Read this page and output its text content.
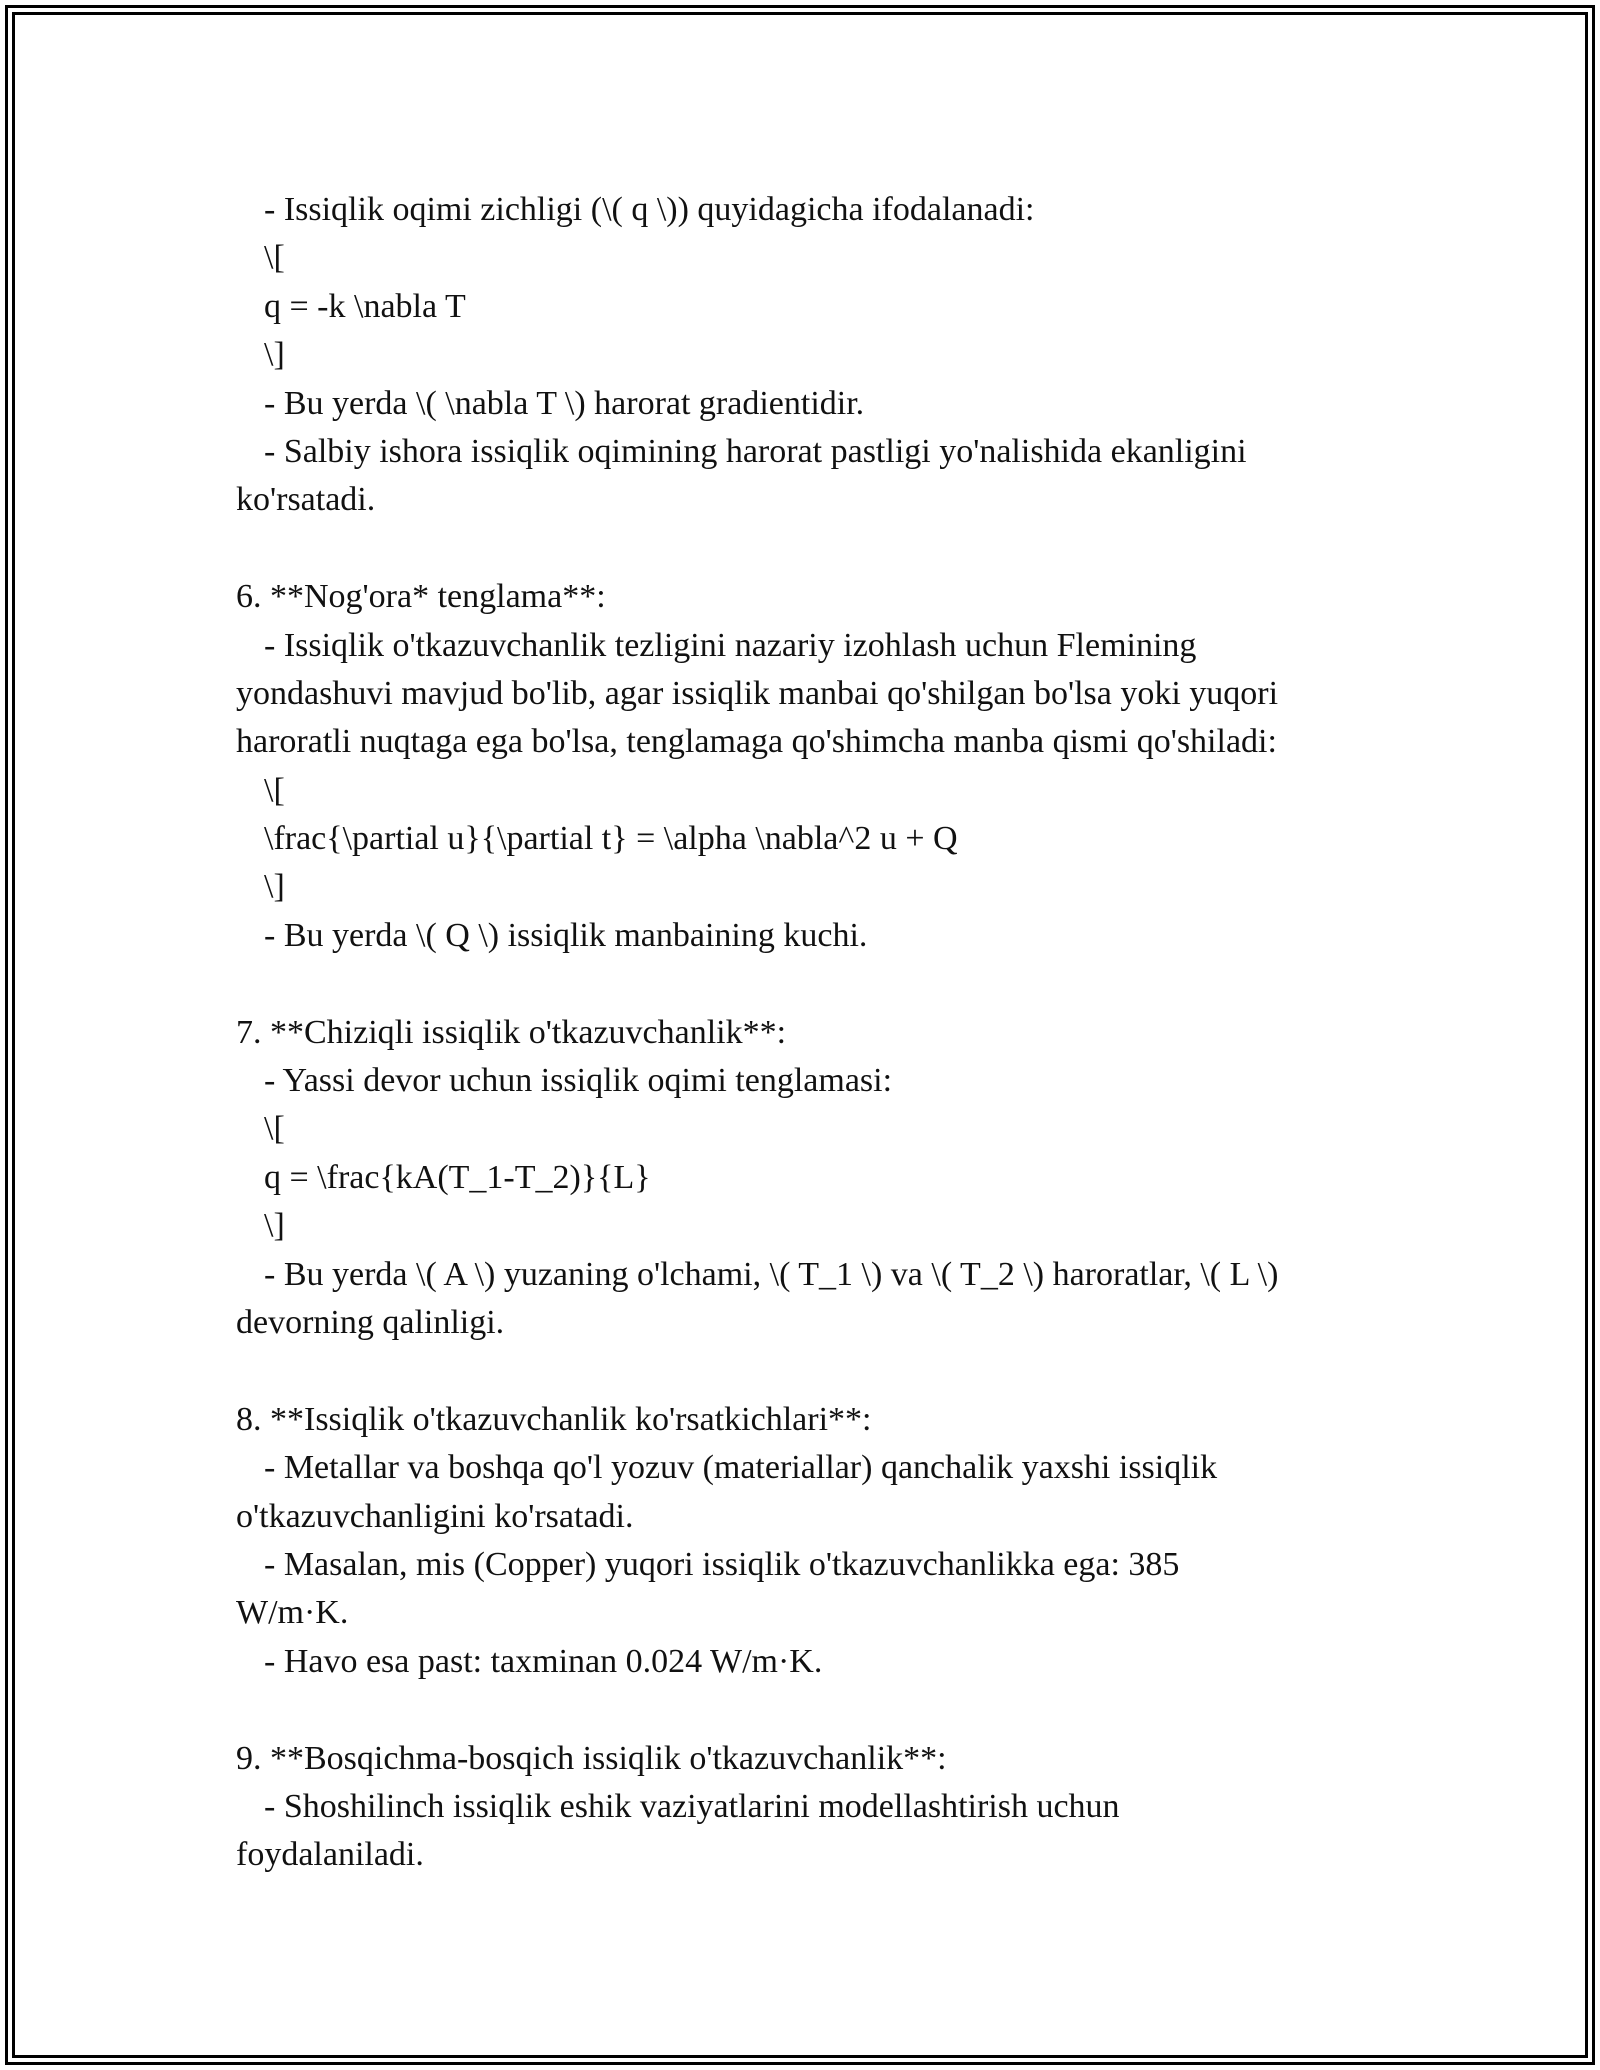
- Issiqlik oqimi zichligi (\( q \)) quyidagicha ifodalanadi:
\[
q = -k \nabla T
\]
- Bu yerda \( \nabla T \) harorat gradientidir.
- Salbiy ishora issiqlik oqimining harorat pastligi yo'nalishida ekanligini
ko'rsatadi.
6. **Nog'ora* tenglama**:
- Issiqlik o'tkazuvchanlik tezligini nazariy izohlash uchun Flemining
yondashuvi mavjud bo'lib, agar issiqlik manbai qo'shilgan bo'lsa yoki yuqori
haroratli nuqtaga ega bo'lsa, tenglamaga qo'shimcha manba qismi qo'shiladi:
\[
\frac{\partial u}{\partial t} = \alpha \nabla^2 u + Q
\]
- Bu yerda \( Q \) issiqlik manbaining kuchi.
7. **Chiziqli issiqlik o'tkazuvchanlik**:
- Yassi devor uchun issiqlik oqimi tenglamasi:
\[
q = \frac{kA(T_1-T_2)}{L}
\]
- Bu yerda \( A \) yuzaning o'lchami, \( T_1 \) va \( T_2 \) haroratlar, \( L \)
devorning qalinligi.
8. **Issiqlik o'tkazuvchanlik ko'rsatkichlari**:
- Metallar va boshqa qo'l yozuv (materiallar) qanchalik yaxshi issiqlik
o'tkazuvchanligini ko'rsatadi.
- Masalan, mis (Copper) yuqori issiqlik o'tkazuvchanlikka ega: 385
W/m·K.
- Havo esa past: taxminan 0.024 W/m·K.
9. **Bosqichma-bosqich issiqlik o'tkazuvchanlik**:
- Shoshilinch issiqlik eshik vaziyatlarini modellashtirish uchun
foydalaniladi.
